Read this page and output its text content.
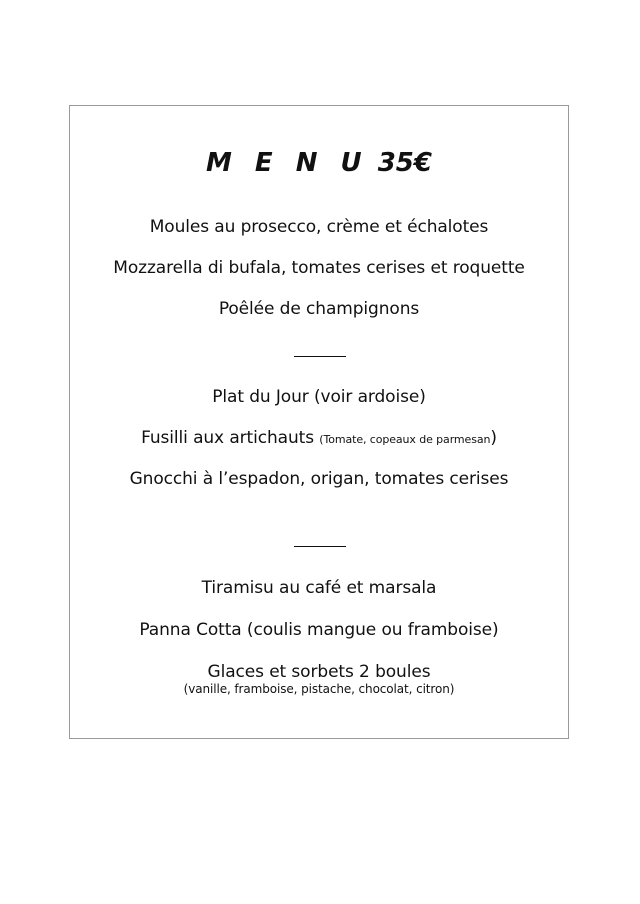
M E N U 35€
Moules au prosecco, crème et échalotes
Mozzarella di bufala, tomates cerises et roquette
Poêlée de champignons
Plat du Jour (voir ardoise)
Fusilli aux artichauts (Tomate, copeaux de parmesan)
Gnocchi à l’espadon, origan, tomates cerises
Tiramisu au café et marsala
Panna Cotta (coulis mangue ou framboise)
Glaces et sorbets 2 boules
(vanille, framboise, pistache, chocolat, citron)
